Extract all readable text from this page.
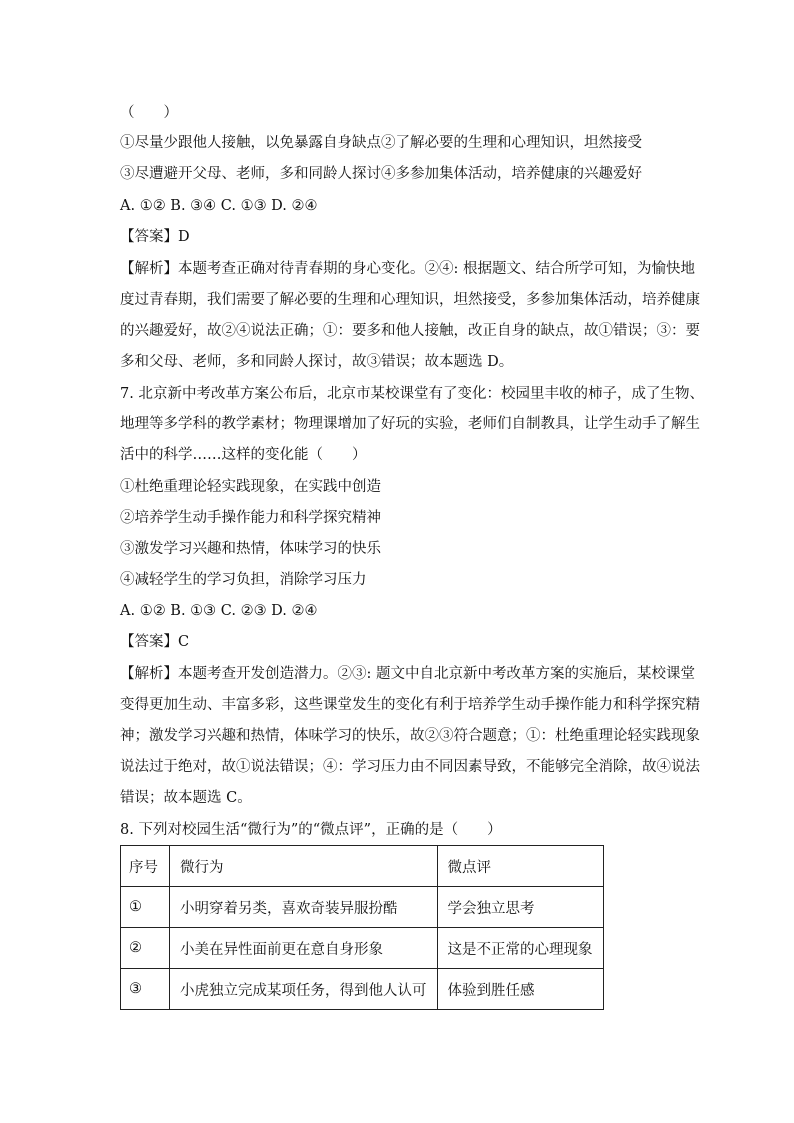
（　　）
①尽量少跟他人接触，以免暴露自身缺点②了解必要的生理和心理知识，坦然接受
③尽遭避开父母、老师，多和同龄人探讨④多参加集体活动，培养健康的兴趣爱好
A. ①② B. ③④ C. ①③ D. ②④
【答案】D
【解析】本题考查正确对待青春期的身心变化。②④: 根据题文、结合所学可知，为愉快地
度过青春期，我们需要了解必要的生理和心理知识，坦然接受，多参加集体活动，培养健康
的兴趣爱好，故②④说法正确；①：要多和他人接触，改正自身的缺点，故①错误；③：要
多和父母、老师，多和同龄人探讨，故③错误；故本题选 D。
7. 北京新中考改革方案公布后，北京市某校课堂有了变化：校园里丰收的柿子，成了生物、
地理等多学科的教学素材；物理课增加了好玩的实验，老师们自制教具，让学生动手了解生
活中的科学……这样的变化能（　　）
①杜绝重理论轻实践现象，在实践中创造
②培养学生动手操作能力和科学探究精神
③激发学习兴趣和热情，体味学习的快乐
④减轻学生的学习负担，消除学习压力
A. ①② B. ①③ C. ②③ D. ②④
【答案】C
【解析】本题考查开发创造潜力。②③: 题文中自北京新中考改革方案的实施后，某校课堂
变得更加生动、丰富多彩，这些课堂发生的变化有利于培养学生动手操作能力和科学探究精
神；激发学习兴趣和热情，体味学习的快乐，故②③符合题意；①：杜绝重理论轻实践现象
说法过于绝对，故①说法错误；④：学习压力由不同因素导致，不能够完全消除，故④说法
错误；故本题选 C。
8. 下列对校园生活“微行为”的“微点评”，正确的是（　　）
序号	微行为	微点评
①	小明穿着另类，喜欢奇装异服扮酷	学会独立思考
②	小美在异性面前更在意自身形象	这是不正常的心理现象
③	小虎独立完成某项任务，得到他人认可	体验到胜任感
